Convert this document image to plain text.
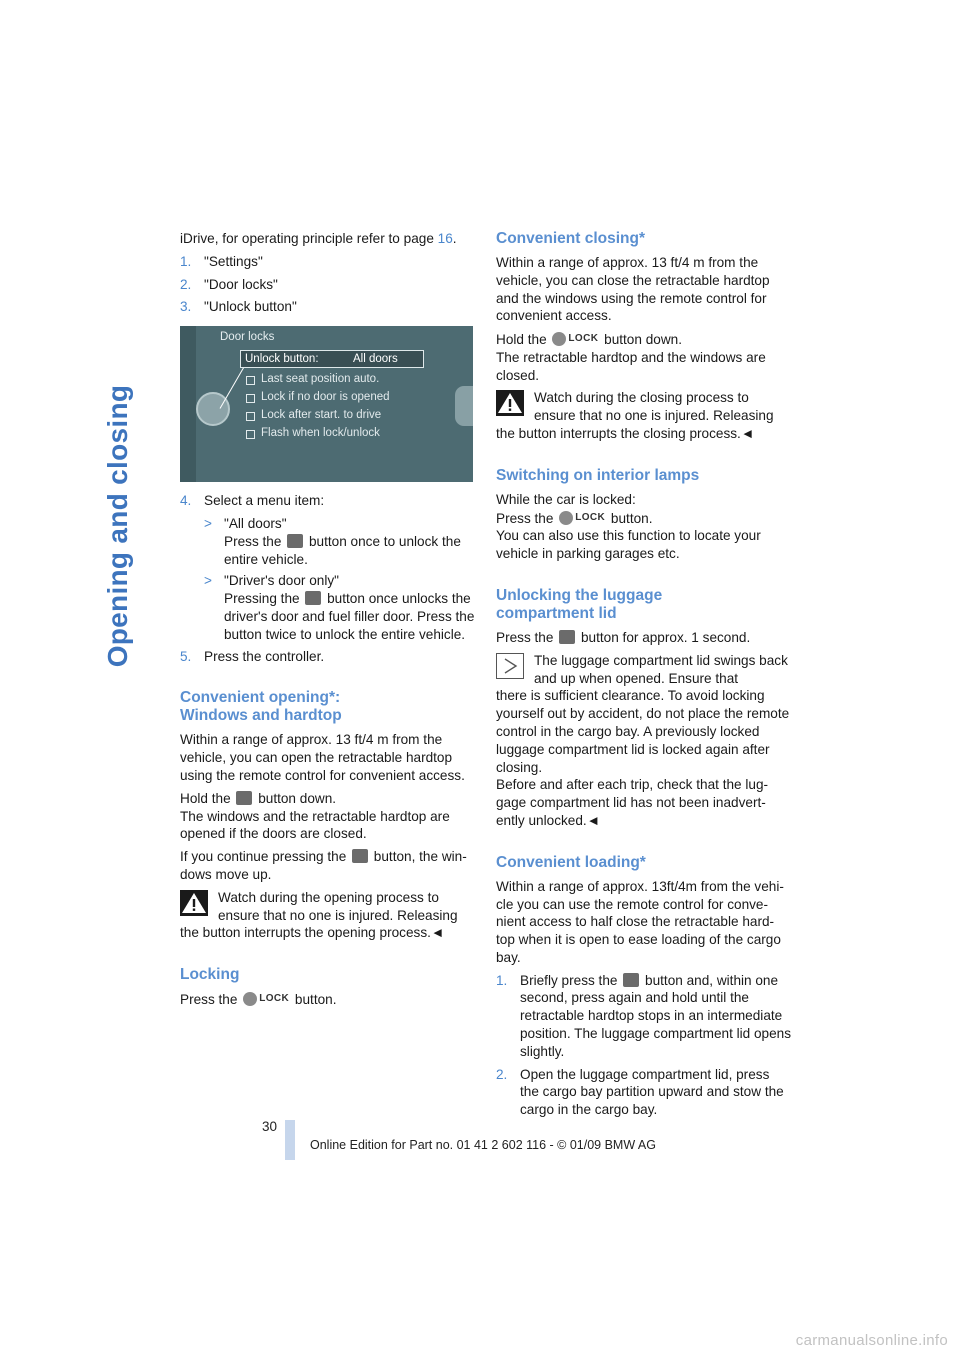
Opening and closing

iDrive, for operating principle refer to page 16.

1. "Settings"
2. "Door locks"
3. "Unlock button"
Door locks
Unlock button:	All doors
Last seat position auto.
Lock if no door is opened
Lock after start. to drive
Flash when lock/unlock
4. Select a menu item:
> "All doors"
Press the  button once to unlock the entire vehicle.
> "Driver's door only"
Pressing the  button once unlocks the driver's door and fuel filler door. Press the button twice to unlock the entire vehicle.
5. Press the controller.
Convenient opening*:
Windows and hardtop

Within a range of approx. 13 ft/4 m from the vehicle, you can open the retractable hardtop using the remote control for convenient access.

Hold the  button down.
The windows and the retractable hardtop are opened if the doors are closed.

If you continue pressing the  button, the win-dows move up.

Watch during the opening process to ensure that no one is injured. Releasing
the button interrupts the opening process.◄
Locking

Press the LOCK button.

Convenient closing*

Within a range of approx. 13 ft/4 m from the vehicle, you can close the retractable hardtop and the windows using the remote control for convenient access.

Hold the LOCK button down.
The retractable hardtop and the windows are closed.

Watch during the closing process to ensure that no one is injured. Releasing
the button interrupts the closing process.◄
Switching on interior lamps

While the car is locked:
Press the LOCK button.
You can also use this function to locate your vehicle in parking garages etc.

Unlocking the luggage
compartment lid

Press the  button for approx. 1 second.

The luggage compartment lid swings back and up when opened. Ensure that
there is sufficient clearance. To avoid locking yourself out by accident, do not place the remote control in the cargo bay. A previously locked luggage compartment lid is locked again after closing.
Before and after each trip, check that the lug-gage compartment lid has not been inadvert-ently unlocked.◄
Convenient loading*

Within a range of approx. 13ft/4m from the vehi-cle you can use the remote control for conve-nient access to half close the retractable hard-top when it is open to ease loading of the cargo bay.

1. Briefly press the  button and, within one second, press again and hold until the retractable hardtop stops in an intermediate position. The luggage compartment lid opens slightly.
2. Open the luggage compartment lid, press the cargo bay partition upward and stow the cargo in the cargo bay.
30
Online Edition for Part no. 01 41 2 602 116 - © 01/09 BMW AG
carmanualsonline.info
